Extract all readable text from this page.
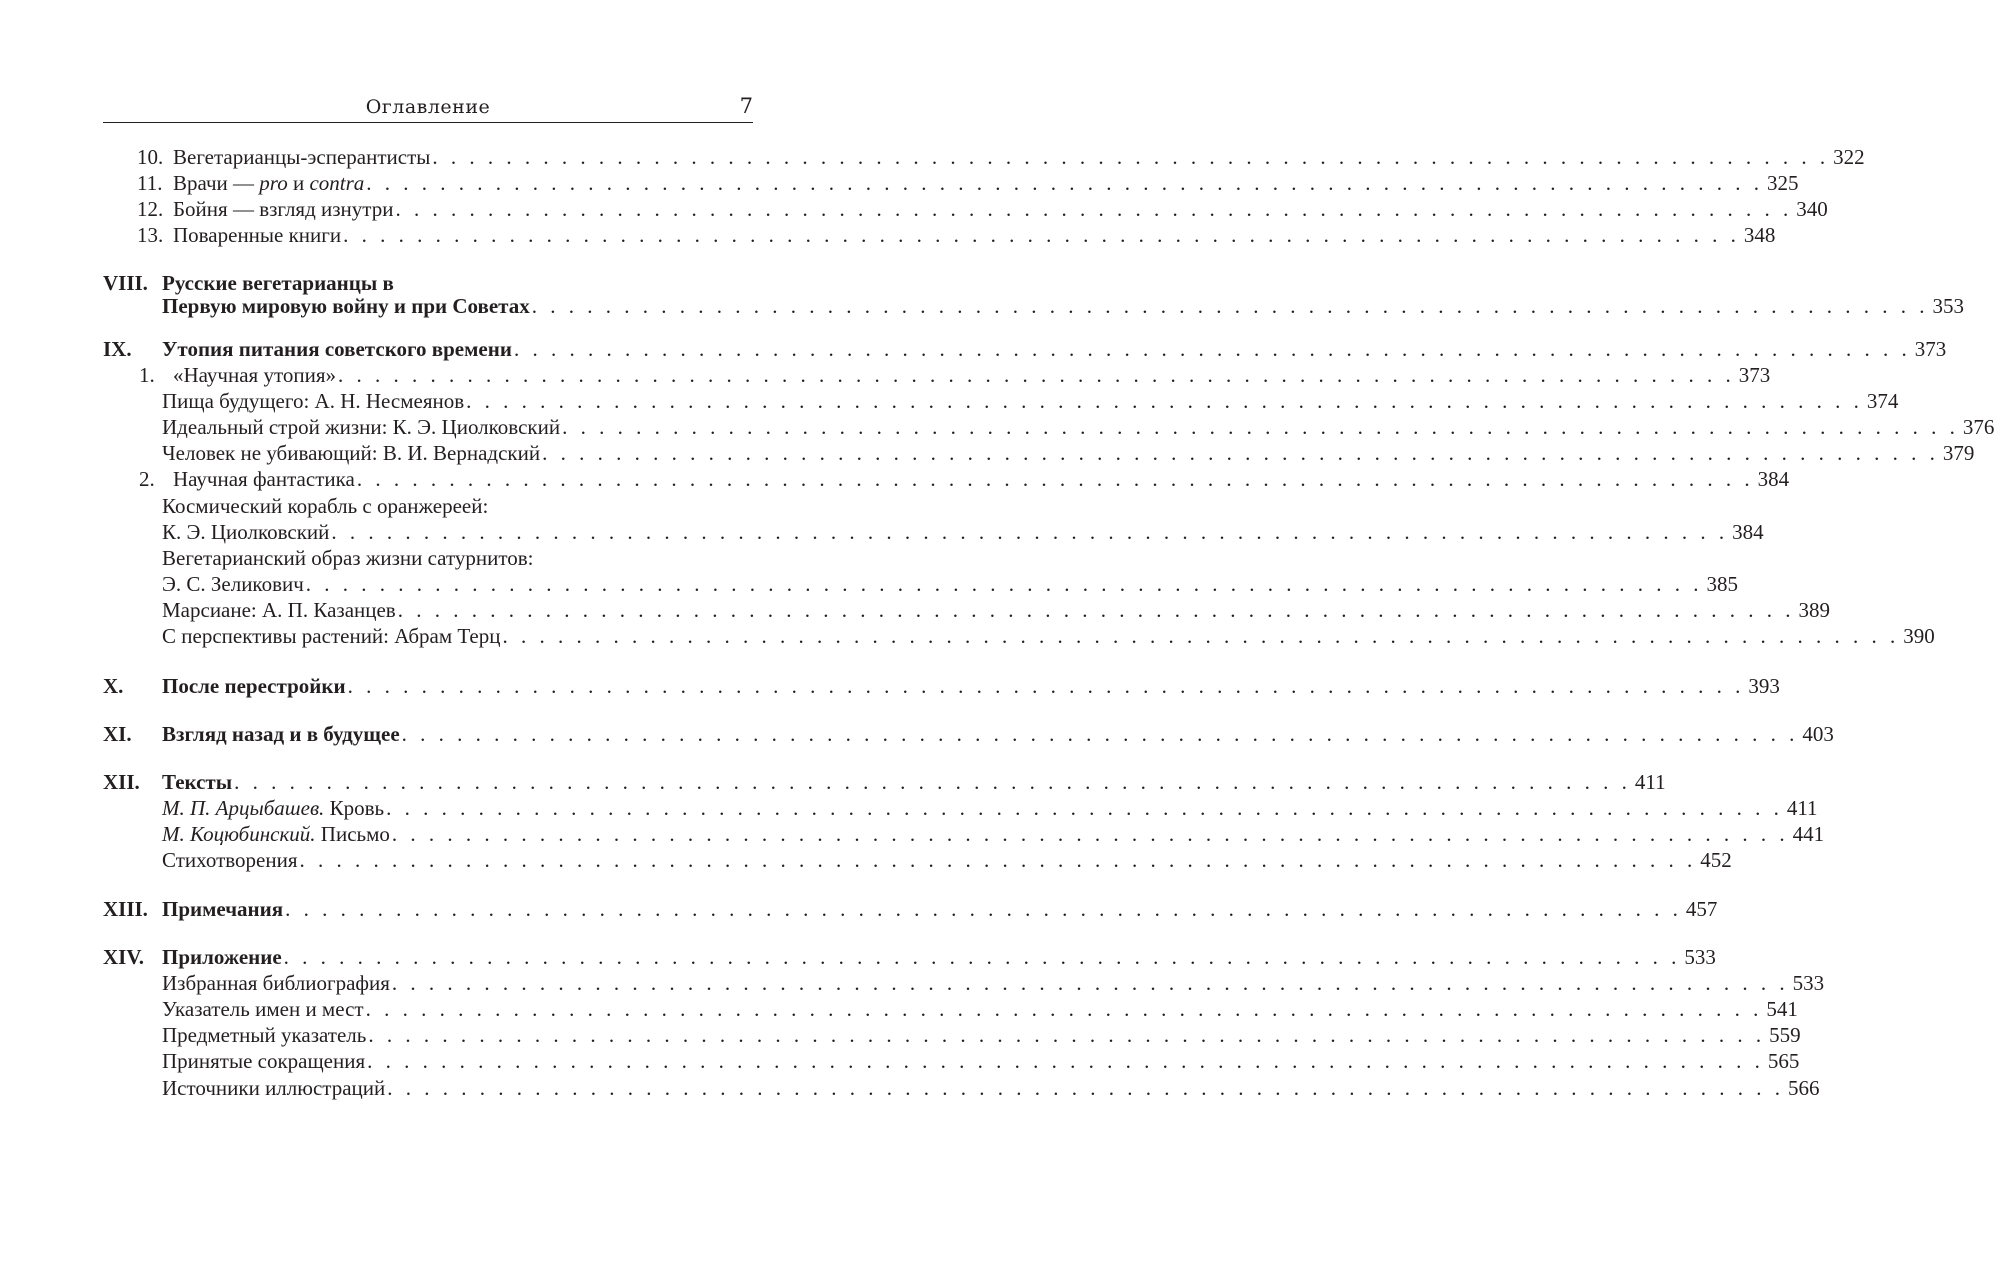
Оглавление	7
10. Вегетарианцы-эсперантисты . . . . . . . . . . . . . . . . . . . . . . . . . . . . . . . . . . . . . . . . . . . . . . . . . . . . . . . . . . . . . . . . . . . . . . . . . . . . 322
11. Врачи — pro и contra . . . . . . . . . . . . . . . . . . . . . . . . . . . . . . . . . . . . . . . . . . . . . . . . . . . . . . . . . . . . . . . . . . . . . . . . . . . . 325
12. Бойня — взгляд изнутри . . . . . . . . . . . . . . . . . . . . . . . . . . . . . . . . . . . . . . . . . . . . . . . . . . . . . . . . . . . . . . . . . . . . . . . . . . . . 340
13. Поваренные книги . . . . . . . . . . . . . . . . . . . . . . . . . . . . . . . . . . . . . . . . . . . . . . . . . . . . . . . . . . . . . . . . . . . . . . . . . . . . 348
VIII. Русские вегетарианцы в
Первую мировую войну и при Советах . . . . . . . . . . . . . . . . . . . . . . . . . . . . . . . . . . . . . . . . . . . . . . . . . . . . . . . . . . . . . . . . . . . . . . . . . . . . 353
IX. Утопия питания советского времени . . . . . . . . . . . . . . . . . . . . . . . . . . . . . . . . . . . . . . . . . . . . . . . . . . . . . . . . . . . . . . . . . . . . . . . . . . . . 373
1. «Научная утопия» . . . . . . . . . . . . . . . . . . . . . . . . . . . . . . . . . . . . . . . . . . . . . . . . . . . . . . . . . . . . . . . . . . . . . . . . . . . . 373
Пища будущего: А. Н. Несмеянов . . . . . . . . . . . . . . . . . . . . . . . . . . . . . . . . . . . . . . . . . . . . . . . . . . . . . . . . . . . . . . . . . . . . . . . . . . . . 374
Идеальный строй жизни: К. Э. Циолковский . . . . . . . . . . . . . . . . . . . . . . . . . . . . . . . . . . . . . . . . . . . . . . . . . . . . . . . . . . . . . . . . . . . . . . . . . . . . 376
Человек не убивающий: В. И. Вернадский . . . . . . . . . . . . . . . . . . . . . . . . . . . . . . . . . . . . . . . . . . . . . . . . . . . . . . . . . . . . . . . . . . . . . . . . . . . . 379
2. Научная фантастика . . . . . . . . . . . . . . . . . . . . . . . . . . . . . . . . . . . . . . . . . . . . . . . . . . . . . . . . . . . . . . . . . . . . . . . . . . . . 384
Космический корабль с оранжереей:
К. Э. Циолковский . . . . . . . . . . . . . . . . . . . . . . . . . . . . . . . . . . . . . . . . . . . . . . . . . . . . . . . . . . . . . . . . . . . . . . . . . . . . 384
Вегетарианский образ жизни сатурнитов:
Э. С. Зеликович . . . . . . . . . . . . . . . . . . . . . . . . . . . . . . . . . . . . . . . . . . . . . . . . . . . . . . . . . . . . . . . . . . . . . . . . . . . . 385
Марсиане: А. П. Казанцев . . . . . . . . . . . . . . . . . . . . . . . . . . . . . . . . . . . . . . . . . . . . . . . . . . . . . . . . . . . . . . . . . . . . . . . . . . . . 389
С перспективы растений: Абрам Терц . . . . . . . . . . . . . . . . . . . . . . . . . . . . . . . . . . . . . . . . . . . . . . . . . . . . . . . . . . . . . . . . . . . . . . . . . . . . 390
X. После перестройки . . . . . . . . . . . . . . . . . . . . . . . . . . . . . . . . . . . . . . . . . . . . . . . . . . . . . . . . . . . . . . . . . . . . . . . . . . . . 393
XI. Взгляд назад и в будущее . . . . . . . . . . . . . . . . . . . . . . . . . . . . . . . . . . . . . . . . . . . . . . . . . . . . . . . . . . . . . . . . . . . . . . . . . . . . 403
XII. Тексты . . . . . . . . . . . . . . . . . . . . . . . . . . . . . . . . . . . . . . . . . . . . . . . . . . . . . . . . . . . . . . . . . . . . . . . . . . . . 411
М. П. Арцыбашев. Кровь . . . . . . . . . . . . . . . . . . . . . . . . . . . . . . . . . . . . . . . . . . . . . . . . . . . . . . . . . . . . . . . . . . . . . . . . . . . . 411
М. Коцюбинский. Письмо . . . . . . . . . . . . . . . . . . . . . . . . . . . . . . . . . . . . . . . . . . . . . . . . . . . . . . . . . . . . . . . . . . . . . . . . . . . . 441
Стихотворения . . . . . . . . . . . . . . . . . . . . . . . . . . . . . . . . . . . . . . . . . . . . . . . . . . . . . . . . . . . . . . . . . . . . . . . . . . . . 452
XIII. Примечания . . . . . . . . . . . . . . . . . . . . . . . . . . . . . . . . . . . . . . . . . . . . . . . . . . . . . . . . . . . . . . . . . . . . . . . . . . . . 457
XIV. Приложение . . . . . . . . . . . . . . . . . . . . . . . . . . . . . . . . . . . . . . . . . . . . . . . . . . . . . . . . . . . . . . . . . . . . . . . . . . . . 533
Избранная библиография . . . . . . . . . . . . . . . . . . . . . . . . . . . . . . . . . . . . . . . . . . . . . . . . . . . . . . . . . . . . . . . . . . . . . . . . . . . . 533
Указатель имен и мест . . . . . . . . . . . . . . . . . . . . . . . . . . . . . . . . . . . . . . . . . . . . . . . . . . . . . . . . . . . . . . . . . . . . . . . . . . . . 541
Предметный указатель . . . . . . . . . . . . . . . . . . . . . . . . . . . . . . . . . . . . . . . . . . . . . . . . . . . . . . . . . . . . . . . . . . . . . . . . . . . . 559
Принятые сокращения . . . . . . . . . . . . . . . . . . . . . . . . . . . . . . . . . . . . . . . . . . . . . . . . . . . . . . . . . . . . . . . . . . . . . . . . . . . . 565
Источники иллюстраций . . . . . . . . . . . . . . . . . . . . . . . . . . . . . . . . . . . . . . . . . . . . . . . . . . . . . . . . . . . . . . . . . . . . . . . . . . . . 566
